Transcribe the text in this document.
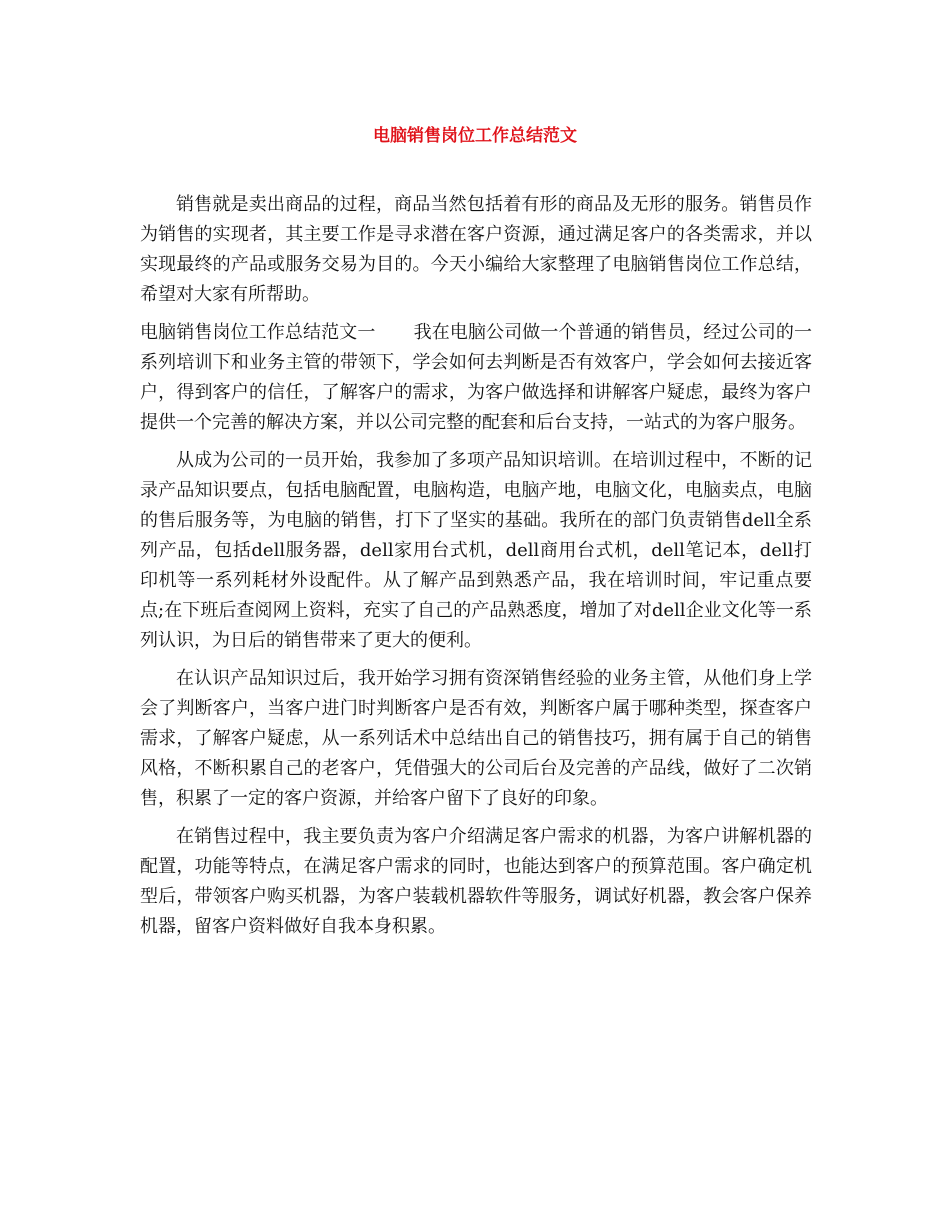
电脑销售岗位工作总结范文

销售就是卖出商品的过程，商品当然包括着有形的商品及无形的服务。销售员作为销售的实现者，其主要工作是寻求潜在客户资源，通过满足客户的各类需求，并以实现最终的产品或服务交易为目的。今天小编给大家整理了电脑销售岗位工作总结，希望对大家有所帮助。

电脑销售岗位工作总结范文一 我在电脑公司做一个普通的销售员，经过公司的一系列培训下和业务主管的带领下，学会如何去判断是否有效客户，学会如何去接近客户，得到客户的信任，了解客户的需求，为客户做选择和讲解客户疑虑，最终为客户提供一个完善的解决方案，并以公司完整的配套和后台支持，一站式的为客户服务。

从成为公司的一员开始，我参加了多项产品知识培训。在培训过程中，不断的记录产品知识要点，包括电脑配置，电脑构造，电脑产地，电脑文化，电脑卖点，电脑的售后服务等，为电脑的销售，打下了坚实的基础。我所在的部门负责销售dell全系列产品，包括dell服务器，dell家用台式机，dell商用台式机，dell笔记本，dell打印机等一系列耗材外设配件。从了解产品到熟悉产品，我在培训时间，牢记重点要点;在下班后查阅网上资料，充实了自己的产品熟悉度，增加了对dell企业文化等一系列认识，为日后的销售带来了更大的便利。

在认识产品知识过后，我开始学习拥有资深销售经验的业务主管，从他们身上学会了判断客户，当客户进门时判断客户是否有效，判断客户属于哪种类型，探查客户需求，了解客户疑虑，从一系列话术中总结出自己的销售技巧，拥有属于自己的销售风格，不断积累自己的老客户，凭借强大的公司后台及完善的产品线，做好了二次销售，积累了一定的客户资源，并给客户留下了良好的印象。

在销售过程中，我主要负责为客户介绍满足客户需求的机器，为客户讲解机器的配置，功能等特点，在满足客户需求的同时，也能达到客户的预算范围。客户确定机型后，带领客户购买机器，为客户装载机器软件等服务，调试好机器，教会客户保养机器，留客户资料做好自我本身积累。
